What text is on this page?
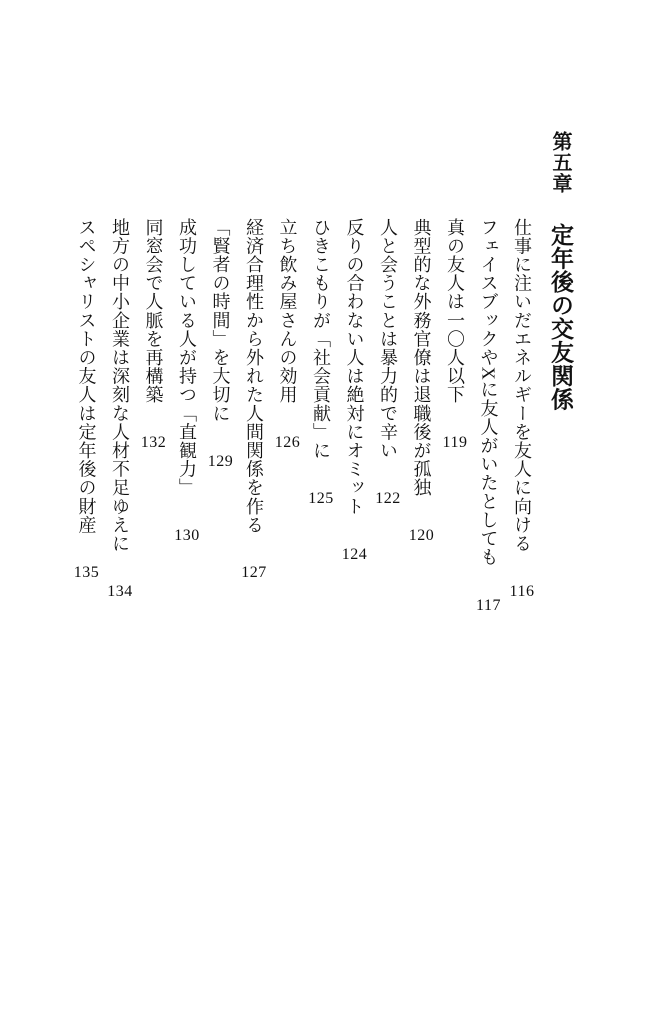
第五章 定年後の交友関係
仕事に注いだエネルギーを友人に向ける 116
フェイスブックやXに友人がいたとしても 117
真の友人は一〇人以下 119
典型的な外務官僚は退職後が孤独 120
人と会うことは暴力的で辛い 122
反りの合わない人は絶対にオミット 124
ひきこもりが「社会貢献」に 125
立ち飲み屋さんの効用 126
経済合理性から外れた人間関係を作る 127
「賢者の時間」を大切に 129
成功している人が持つ「直観力」 130
同窓会で人脈を再構築 132
地方の中小企業は深刻な人材不足ゆえに 134
スペシャリストの友人は定年後の財産 135
